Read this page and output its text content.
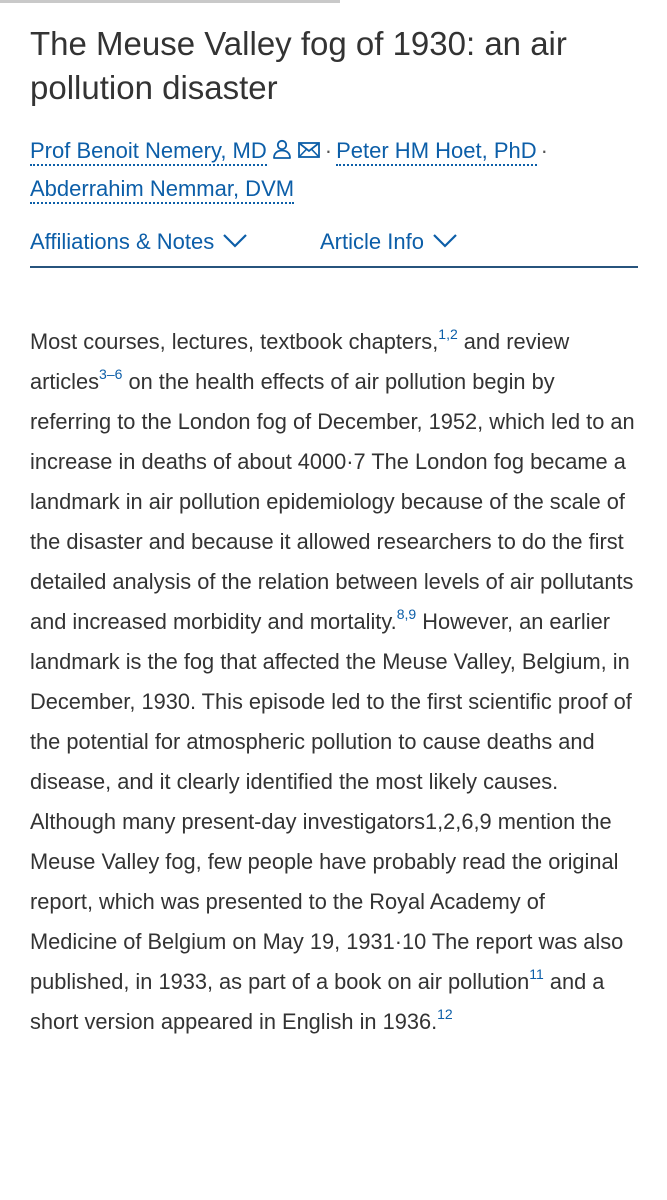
The Meuse Valley fog of 1930: an air pollution disaster
Prof Benoit Nemery, MD	· Peter HM Hoet, PhD ·
Abderrahim Nemmar, DVM
Affiliations & Notes	Article Info

Most courses, lectures, textbook chapters,$^{1,2}$ and review articles$^{3-6}$ on the health effects of air pollution begin by referring to the London fog of December, 1952, which led to an increase in deaths of about 4000·7 The London fog became a landmark in air pollution epidemiology because of the scale of the disaster and because it allowed researchers to do the first detailed analysis of the relation between levels of air pollutants and increased morbidity and mortality.$^{8,9}$ However, an earlier landmark is the fog that affected the Meuse Valley, Belgium, in December, 1930. This episode led to the first scientific proof of the potential for atmospheric pollution to cause deaths and disease, and it clearly identified the most likely causes. Although many present-day investigators1,2,6,9 mention the Meuse Valley fog, few people have probably read the original report, which was presented to the Royal Academy of Medicine of Belgium on May 19, 1931·10 The report was also published, in 1933, as part of a book on air pollution$^{11}$ and a short version appeared in English in 1936.12
